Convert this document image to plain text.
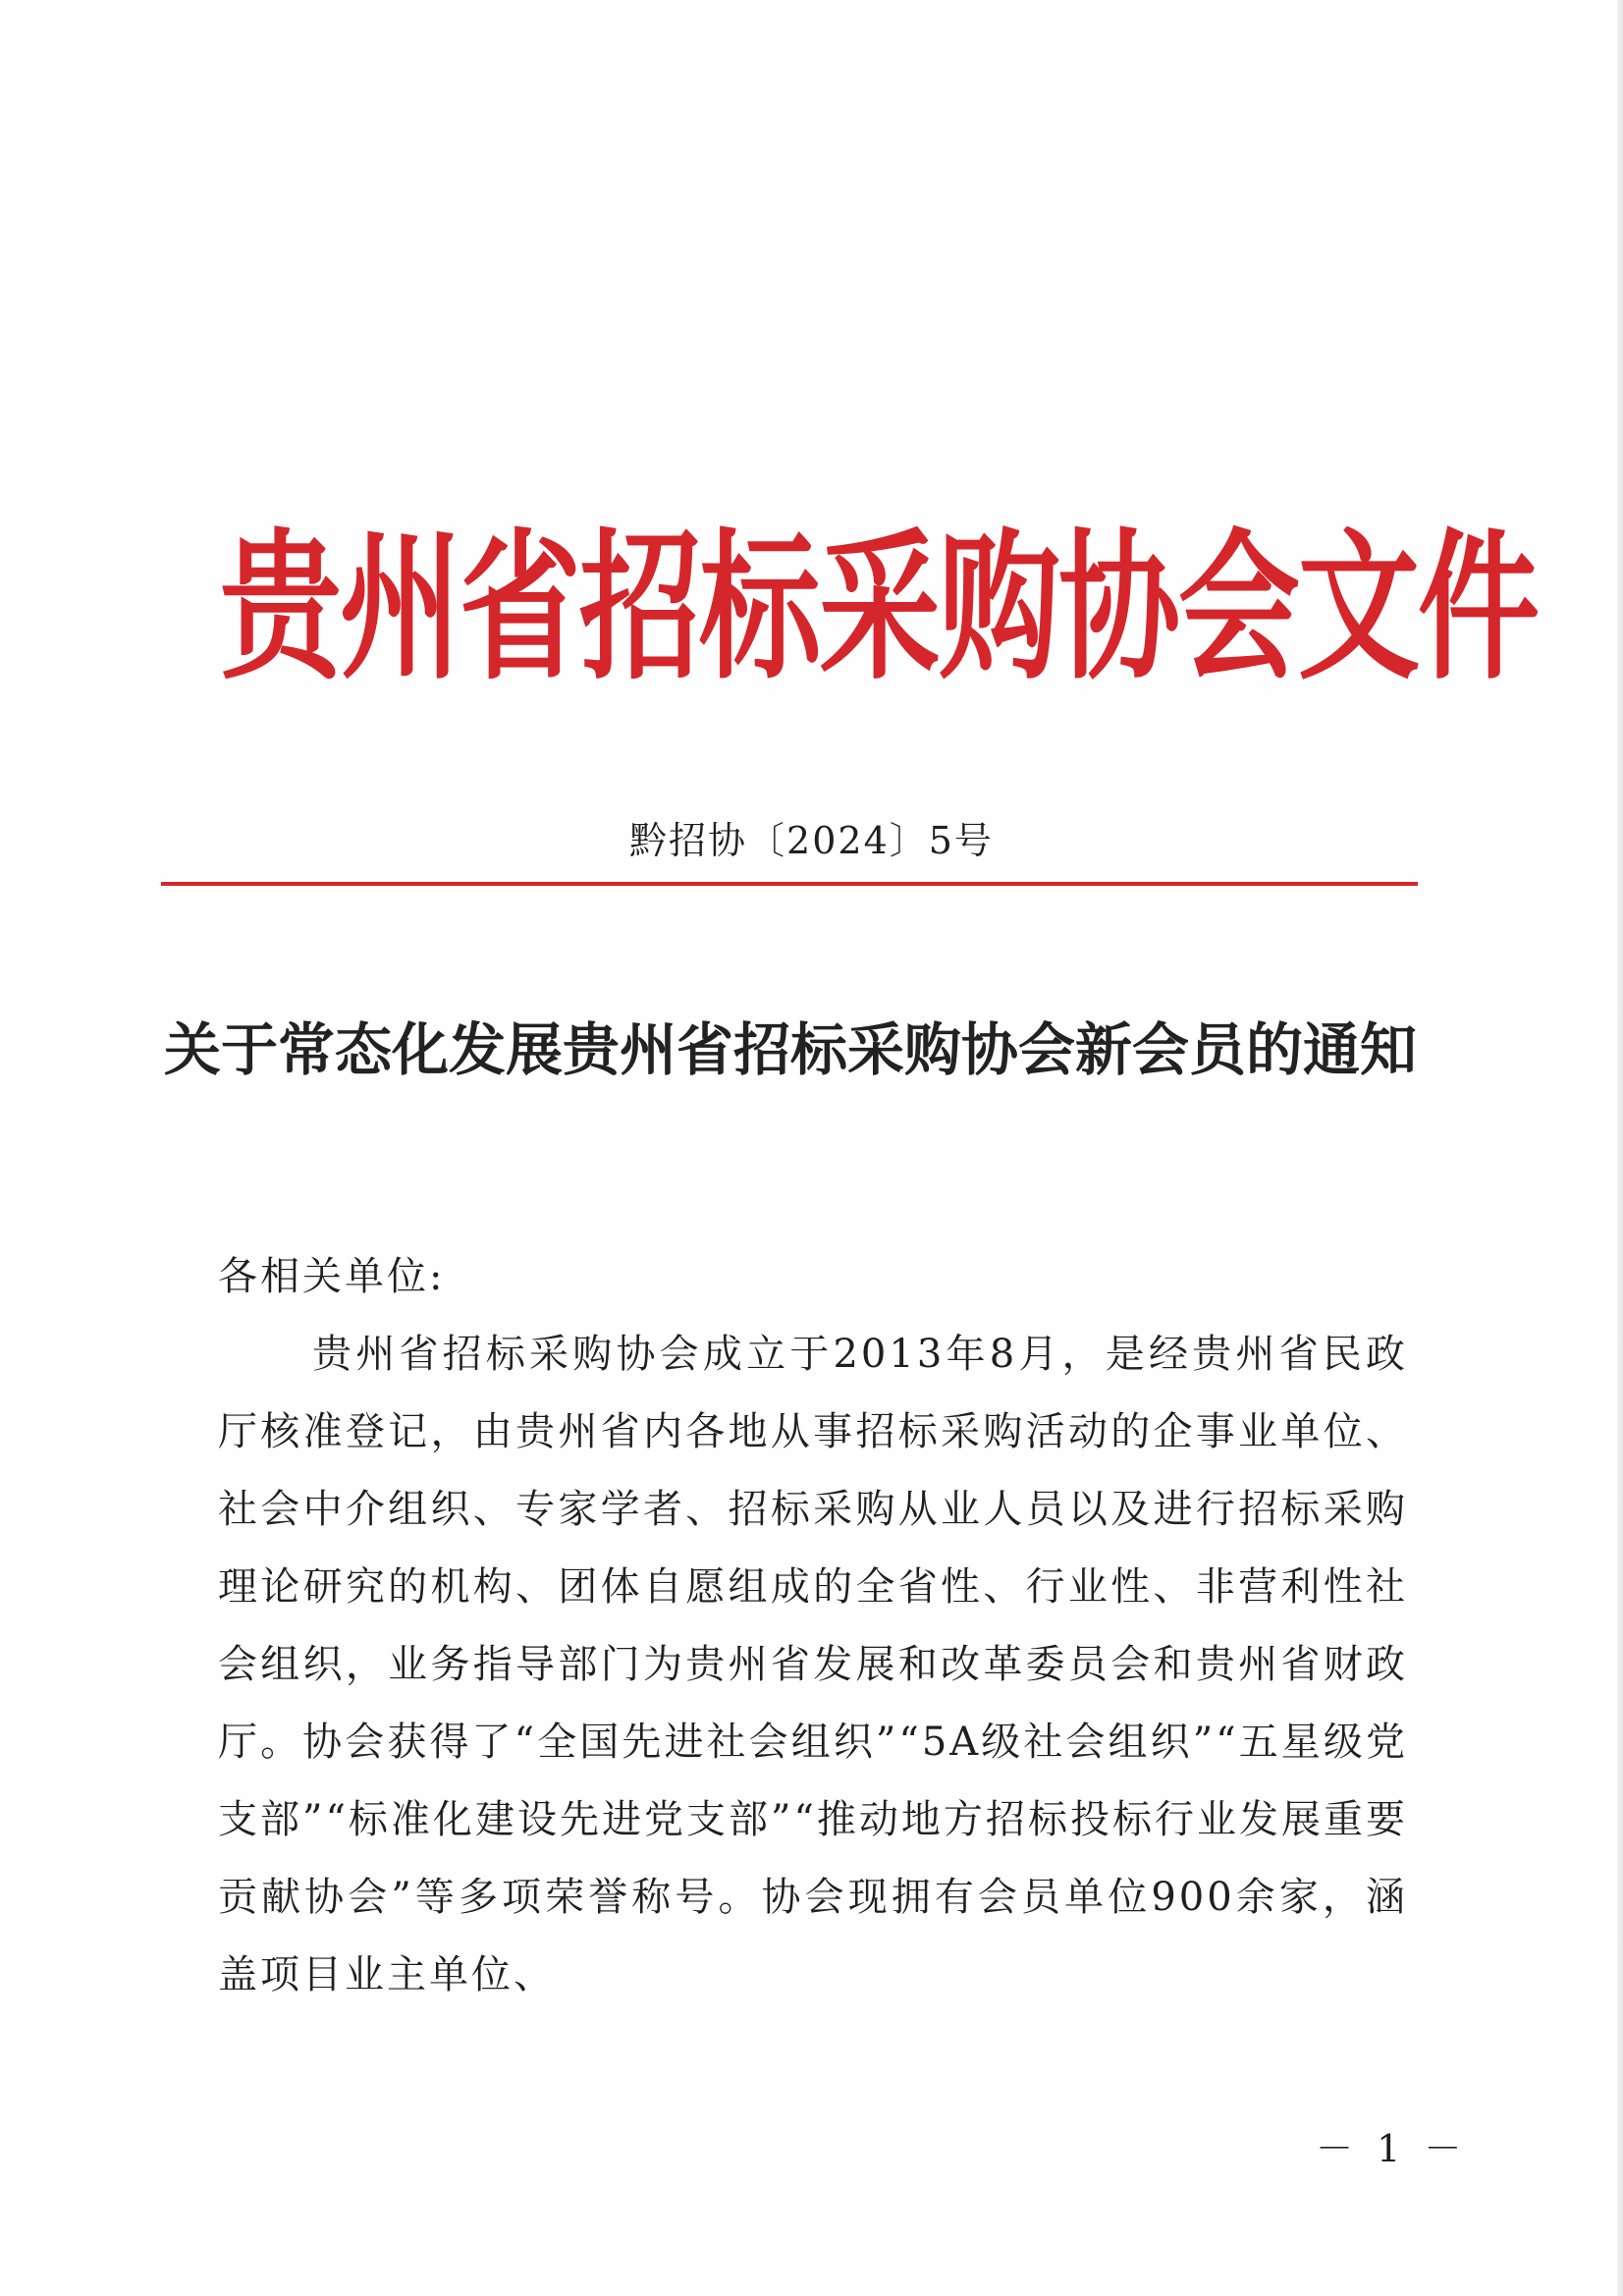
贵州省招标采购协会文件
黔招协〔2024〕5号
关于常态化发展贵州省招标采购协会新会员的通知
各相关单位:

贵州省招标采购协会成立于2013年8月，是经贵州省民政厅核准登记，由贵州省内各地从事招标采购活动的企事业单位、社会中介组织、专家学者、招标采购从业人员以及进行招标采购理论研究的机构、团体自愿组成的全省性、行业性、非营利性社会组织，业务指导部门为贵州省发展和改革委员会和贵州省财政厅。协会获得了“全国先进社会组织”“5A级社会组织”“五星级党支部”“标准化建设先进党支部”“推动地方招标投标行业发展重要贡献协会”等多项荣誉称号。协会现拥有会员单位900余家，涵盖项目业主单位、

－ 1 －
